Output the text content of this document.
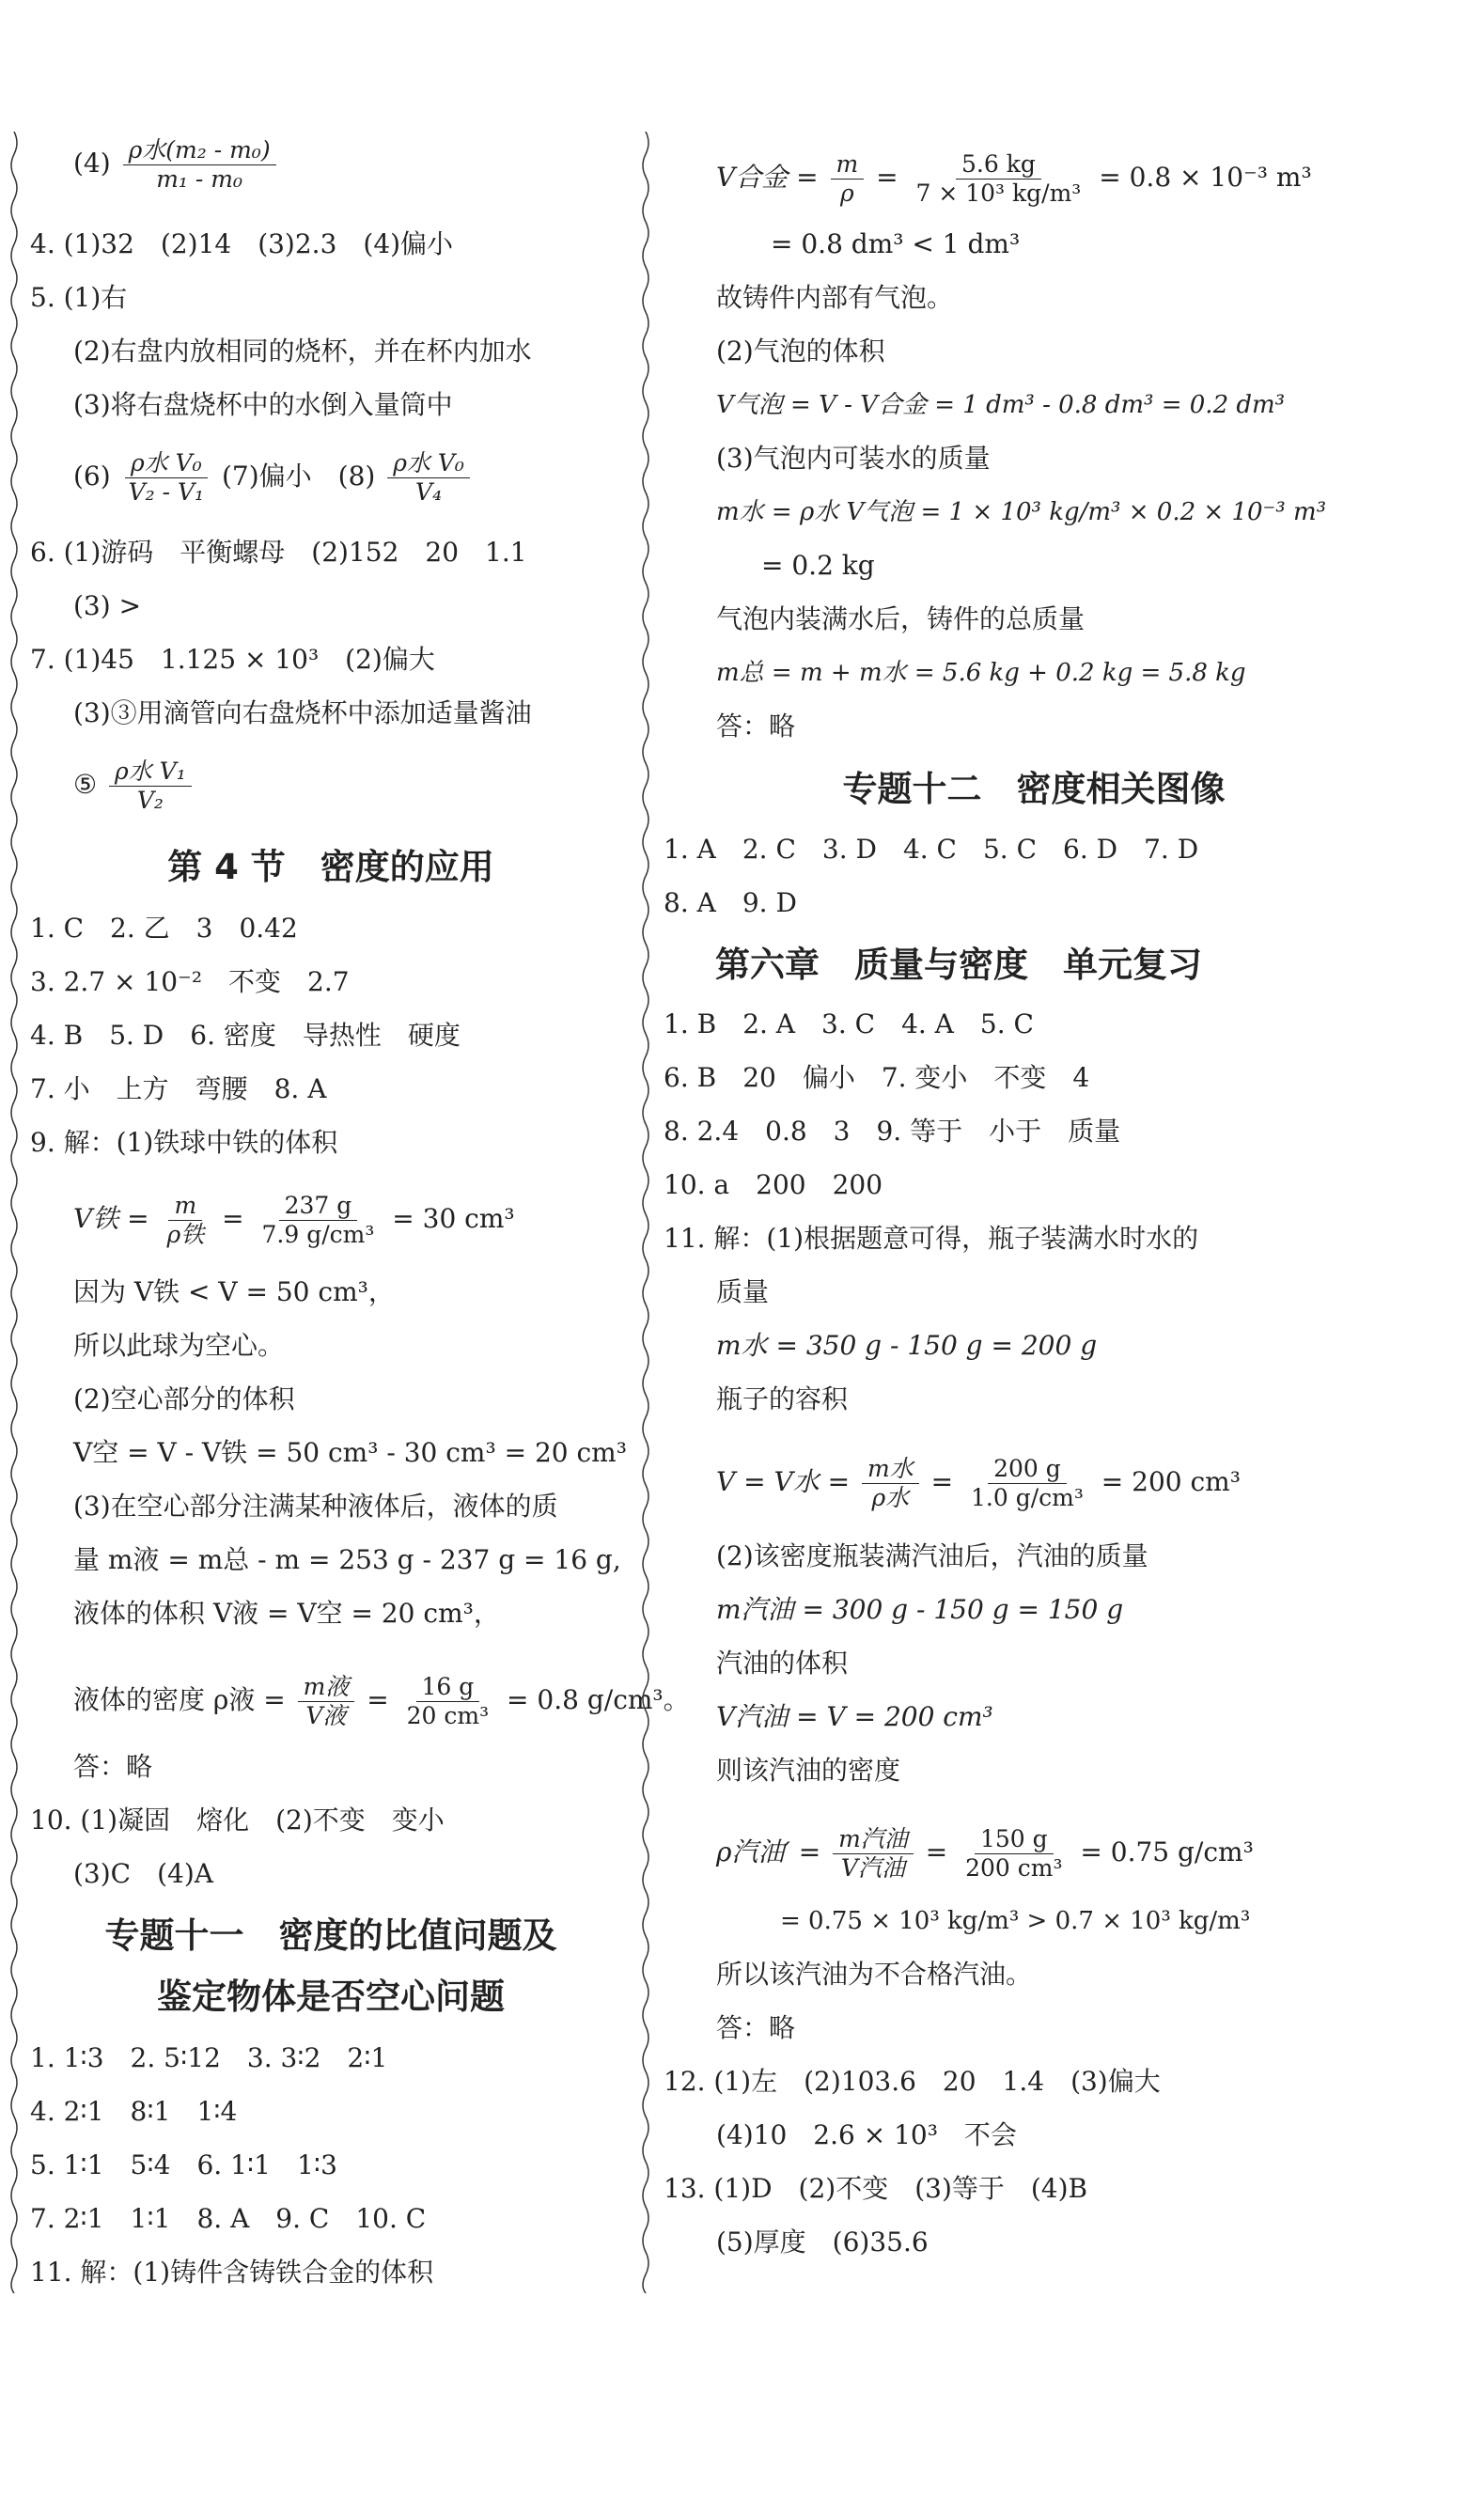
$(4) \frac{\text{ρ水(m₂ - m₀)}}{\text{m₁ - m₀}}$
4. (1)32　(2)14　(3)2.3　(4)偏小
5. (1)右
(2)右盘内放相同的烧杯，并在杯内加水
(3)将右盘烧杯中的水倒入量筒中
$(6) \frac{\text{ρ水 V₀}}{\text{V₂ - V₁}} (7)$偏小　$(8) \frac{\text{ρ水 V₀}}{\text{V₄}}$
6. (1)游码　平衡螺母　(2)152　20　1.1
(3) >
7. (1)45　1.125 × 10³　(2)偏大
(3)③用滴管向右盘烧杯中添加适量酱油
⑤ $\frac{\text{ρ水 V₁}}{\text{V₂}}$
第 4 节　密度的应用
1. C　2. 乙　3　0.42
3. 2.7 × 10⁻²　不变　2.7
4. B　5. D　6. 密度　导热性　硬度
7. 小　上方　弯腰　8. A
9. 解：(1)铁球中铁的体积
V铁 = $\frac{m}{\text{ρ铁}} = \frac{237 g}{\text{7.9 g/cm³}} = 30$ cm³
因为 V铁 < V = 50 cm³，
所以此球为空心。
(2)空心部分的体积
V空 = V - V铁 = 50 cm³ - 30 cm³ = 20 cm³
(3)在空心部分注满某种液体后，液体的质
量 m液 = m总 - m = 253 g - 237 g = 16 g,
液体的体积 V液 = V空 = 20 cm³，
液体的密度 ρ液 = $\frac{\text{m液}}{\text{V液}} = \frac{16 g}{\text{20 cm³}} = 0.8$ g/cm³。
答：略
10. (1)凝固　熔化　(2)不变　变小
(3)C　(4)A
专题十一　密度的比值问题及
鉴定物体是否空心问题
1. 1∶3　2. 5∶12　3. 3∶2　2∶1
4. 2∶1　8∶1　1∶4
5. 1∶1　5∶4　6. 1∶1　1∶3
7. 2∶1　1∶1　8. A　9. C　10. C
11. 解：(1)铸件含铸铁合金的体积
V合金 = $\frac{m}{\rho} = \frac{5.6 kg}{\text{7 × 10³ kg/m³}} = 0.8 \times 10^{-3}$ m³
= 0.8 dm³ < 1 dm³
故铸件内部有气泡。
(2)气泡的体积
V气泡 = V - V合金 = 1 dm³ - 0.8 dm³ = 0.2 dm³
(3)气泡内可装水的质量
m水 = ρ水 V气泡 = 1 × 10³ kg/m³ × 0.2 × 10⁻³ m³
= 0.2 kg
气泡内装满水后，铸件的总质量
m总 = m + m水 = 5.6 kg + 0.2 kg = 5.8 kg
答：略
专题十二　密度相关图像
1. A　2. C　3. D　4. C　5. C　6. D　7. D
8. A　9. D
第六章　质量与密度　单元复习
1. B　2. A　3. C　4. A　5. C
6. B　20　偏小　7. 变小　不变　4
8. 2.4　0.8　3　9. 等于　小于　质量
10. a　200　200
11. 解：(1)根据题意可得，瓶子装满水时水的
质量
m水 = 350 g - 150 g = 200 g
瓶子的容积
V = V水 = $\frac{\text{m水}}{\text{ρ水}} = \frac{200 g}{\text{1.0 g/cm³}} = 200$ cm³
(2)该密度瓶装满汽油后，汽油的质量
m汽油 = 300 g - 150 g = 150 g
汽油的体积
V汽油 = V = 200 cm³
则该汽油的密度
ρ汽油′ = $\frac{\text{m汽油}}{\text{V汽油}} = \frac{150 g}{\text{200 cm³}} = 0.75$ g/cm³
= 0.75 × 10³ kg/m³ > 0.7 × 10³ kg/m³
所以该汽油为不合格汽油。
答：略
12. (1)左　(2)103.6　20　1.4　(3)偏大
(4)10　2.6 × 10³　不会
13. (1)D　(2)不变　(3)等于　(4)B
(5)厚度　(6)35.6
